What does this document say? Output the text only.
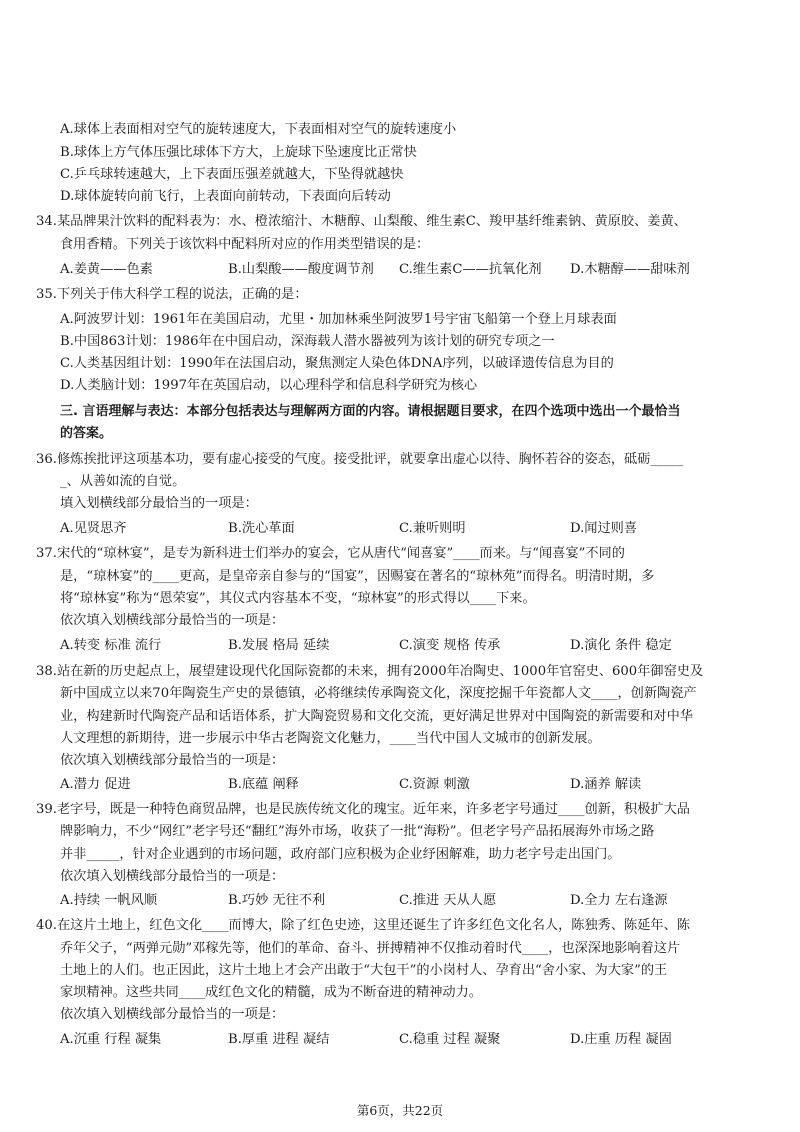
A.球体上表面相对空气的旋转速度大，下表面相对空气的旋转速度小
B.球体上方气体压强比球体下方大，上旋球下坠速度比正常快
C.乒乓球转速越大，上下表面压强差就越大，下坠得就越快
D.球体旋转向前飞行，上表面向前转动，下表面向后转动
34.某品牌果汁饮料的配料表为：水、橙浓缩汁、木糖醇、山梨酸、维生素C、羧甲基纤维素钠、黄原胶、姜黄、
食用香精。下列关于该饮料中配料所对应的作用类型错误的是：
A.姜黄——色素	B.山梨酸——酸度调节剂 C.维生素C——抗氧化剂 D.木糖醇——甜味剂
35.下列关于伟大科学工程的说法，正确的是：
A.阿波罗计划：1961年在美国启动，尤里・加加林乘坐阿波罗1号宇宙飞船第一个登上月球表面
B.中国863计划：1986年在中国启动，深海载人潜水器被列为该计划的研究专项之一
C.人类基因组计划：1990年在法国启动，聚焦测定人染色体DNA序列，以破译遗传信息为目的
D.人类脑计划：1997年在英国启动，以心理科学和信息科学研究为核心
三. 言语理解与表达：本部分包括表达与理解两方面的内容。请根据题目要求，在四个选项中选出一个最恰当
的答案。
36.修炼挨批评这项基本功，要有虚心接受的气度。接受批评，就要拿出虚心以待、胸怀若谷的姿态，砥砺_____
_、从善如流的自觉。
填入划横线部分最恰当的一项是：
A.见贤思齐	B.洗心革面	C.兼听则明	D.闻过则喜
37.宋代的“琼林宴”，是专为新科进士们举办的宴会，它从唐代“闻喜宴”____而来。与“闻喜宴”不同的
是，“琼林宴”的____更高，是皇帝亲自参与的“国宴”，因赐宴在著名的“琼林苑”而得名。明清时期，多
将“琼林宴”称为“恩荣宴”，其仪式内容基本不变，“琼林宴”的形式得以____下来。
依次填入划横线部分最恰当的一项是：
A.转变 标准 流行	B.发展 格局 延续	C.演变 规格 传承	D.演化 条件 稳定
38.站在新的历史起点上，展望建设现代化国际瓷都的未来，拥有2000年冶陶史、1000年官窑史、600年御窑史及
新中国成立以来70年陶瓷生产史的景德镇，必将继续传承陶瓷文化，深度挖掘千年瓷都人文____，创新陶瓷产
业，构建新时代陶瓷产品和话语体系，扩大陶瓷贸易和文化交流，更好满足世界对中国陶瓷的新需要和对中华
人文理想的新期待，进一步展示中华古老陶瓷文化魅力，____当代中国人文城市的创新发展。
依次填入划横线部分最恰当的一项是：
A.潜力 促进	B.底蕴 阐释	C.资源 刺激	D.涵养 解读
39.老字号，既是一种特色商贸品牌，也是民族传统文化的瑰宝。近年来，许多老字号通过____创新，积极扩大品
牌影响力，不少“网红”老字号还“翻红”海外市场，收获了一批“海粉”。但老字号产品拓展海外市场之路
并非_____，针对企业遇到的市场问题，政府部门应积极为企业纾困解难，助力老字号走出国门。
依次填入划横线部分最恰当的一项是：
A.持续 一帆风顺	B.巧妙 无往不利	C.推进 天从人愿	D.全力 左右逢源
40.在这片土地上，红色文化____而博大，除了红色史迹，这里还诞生了许多红色文化名人，陈独秀、陈延年、陈
乔年父子，“两弹元勋”邓稼先等，他们的革命、奋斗、拼搏精神不仅推动着时代____，也深深地影响着这片
土地上的人们。也正因此，这片土地上才会产出敢于“大包干”的小岗村人、孕育出“舍小家、为大家”的王
家坝精神。这些共同____成红色文化的精髓，成为不断奋进的精神动力。
依次填入划横线部分最恰当的一项是：
A.沉重 行程 凝集	B.厚重 进程 凝结	C.稳重 过程 凝聚	D.庄重 历程 凝固
第6页，共22页
